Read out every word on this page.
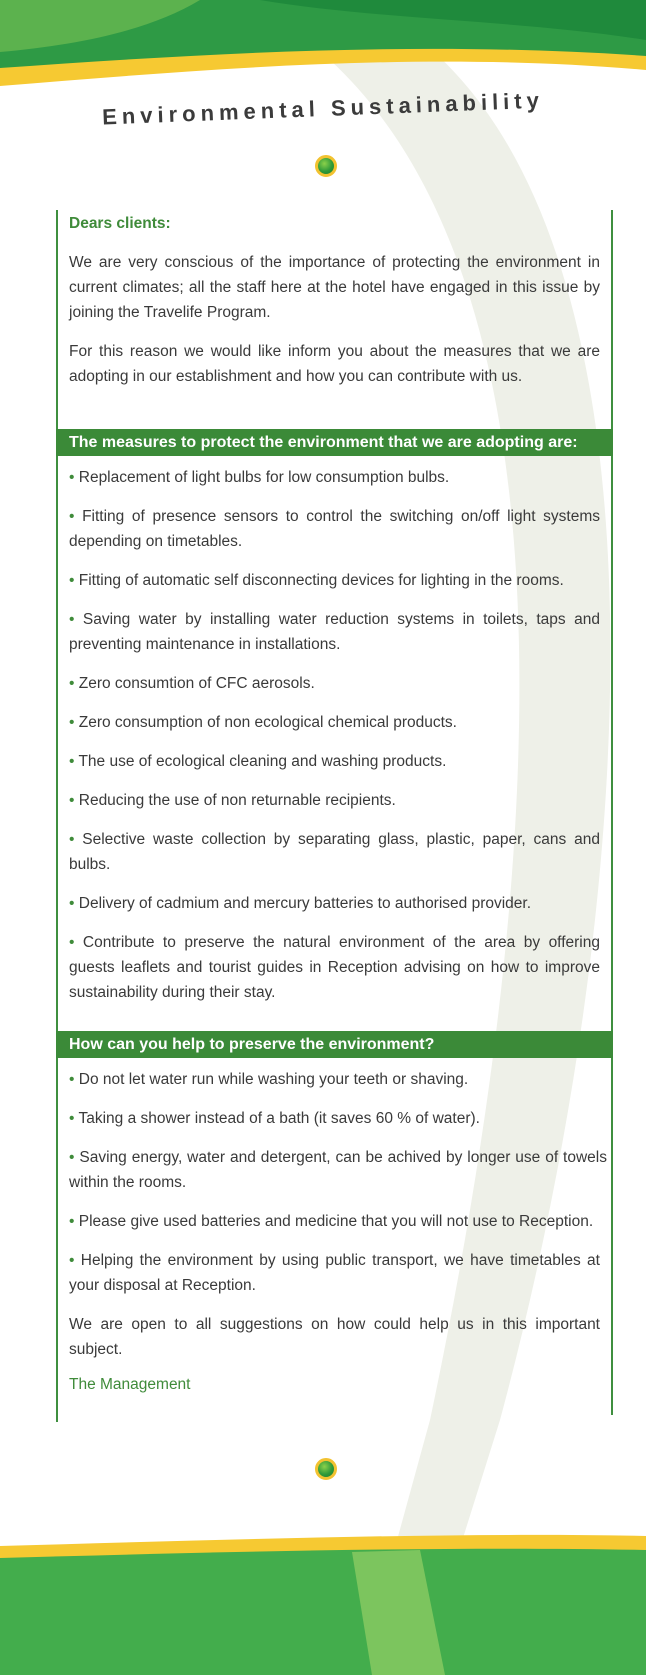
Environmental Sustainability
Dears clients:
We are very conscious of the importance of protecting the environment in current climates; all the staff here at the hotel have engaged in this issue by joining the Travelife Program.
For this reason we would like inform you about the measures that we are adopting in our establishment and how you can contribute with us.
The measures to protect the environment that we are adopting are:
• Replacement of light bulbs for low consumption bulbs.
• Fitting of presence sensors to control the switching on/off light systems depending on timetables.
• Fitting of automatic self disconnecting devices for lighting in the rooms.
• Saving water by installing water reduction systems in toilets, taps and preventing maintenance in installations.
• Zero consumtion of CFC aerosols.
• Zero consumption of non ecological chemical products.
• The use of ecological cleaning and washing products.
• Reducing the use of non returnable recipients.
• Selective waste collection by separating glass, plastic, paper, cans and bulbs.
• Delivery of cadmium and mercury batteries to authorised provider.
• Contribute to preserve the natural environment of the area by offering guests leaflets and tourist guides in Reception advising on how to improve sustainability during their stay.
How can you help to preserve the environment?
• Do not let water run while washing your teeth or shaving.
• Taking a shower instead of a bath (it saves 60 % of water).
• Saving energy, water and detergent, can be achived by longer use of towels within the rooms.
• Please give used batteries and medicine that you will not use to Reception.
• Helping the environment by using public transport, we have timetables at your disposal at Reception.
We are open to all suggestions on how could help us in this important subject.
The Management
